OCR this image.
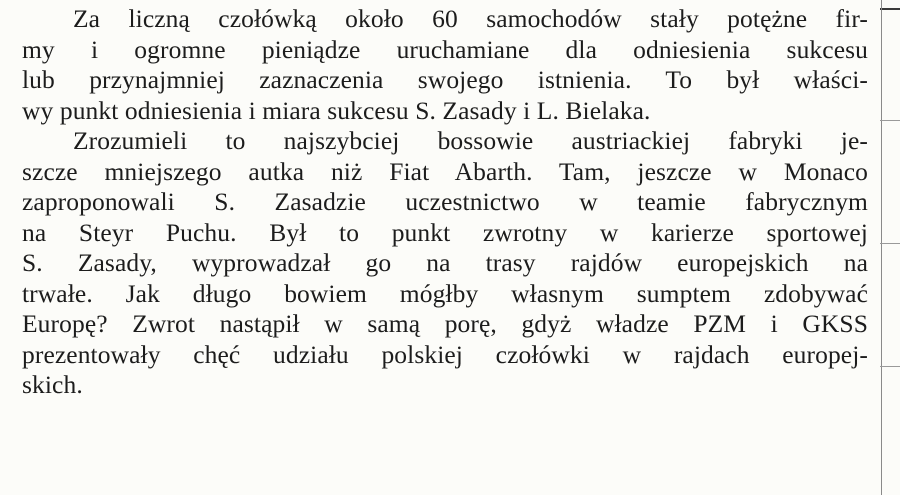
Za liczną czołówką około 60 samochodów stały potężne fir-
my i ogromne pieniądze uruchamiane dla odniesienia sukcesu
lub przynajmniej zaznaczenia swojego istnienia. To był właści-
wy punkt odniesienia i miara sukcesu S. Zasady i L. Bielaka.
Zrozumieli to najszybciej bossowie austriackiej fabryki je-
szcze mniejszego autka niż Fiat Abarth. Tam, jeszcze w Monaco
zaproponowali S. Zasadzie uczestnictwo w teamie fabrycznym
na Steyr Puchu. Był to punkt zwrotny w karierze sportowej
S. Zasady, wyprowadzał go na trasy rajdów europejskich na
trwałe. Jak długo bowiem mógłby własnym sumptem zdobywać
Europę? Zwrot nastąpił w samą porę, gdyż władze PZM i GKSS
prezentowały chęć udziału polskiej czołówki w rajdach europej-
skich.
